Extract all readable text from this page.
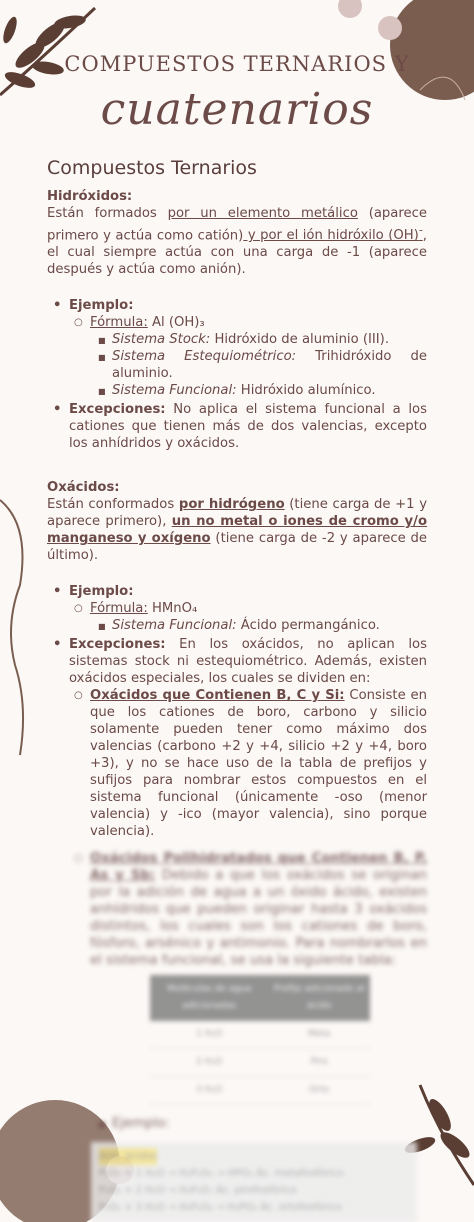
COMPUESTOS TERNARIOS Y
cuatenarios
Compuestos Ternarios
Hidróxidos:

Están formados por un elemento metálico (aparece primero y actúa como catión) y por el ión hidróxilo (OH)-, el cual siempre actúa con una carga de -1 (aparece después y actúa como anión).

• Ejemplo:
○ Fórmula: Al (OH)₃
■ Sistema Stock: Hidróxido de aluminio (III).
■ Sistema Estequiométrico: Trihidróxido de aluminio.
■ Sistema Funcional: Hidróxido alumínico.
• Excepciones: No aplica el sistema funcional a los cationes que tienen más de dos valencias, excepto los anhídridos y oxácidos.
Oxácidos:

Están conformados por hidrógeno (tiene carga de +1 y aparece primero), un no metal o iones de cromo y/o manganeso y oxígeno (tiene carga de -2 y aparece de último).

• Ejemplo:
○ Fórmula: HMnO₄
■ Sistema Funcional: Ácido permangánico.
• Excepciones: En los oxácidos, no aplican los sistemas stock ni estequiométrico. Además, existen oxácidos especiales, los cuales se dividen en:
○ Oxácidos que Contienen B, C y Si: Consiste en que los cationes de boro, carbono y silicio solamente pueden tener como máximo dos valencias (carbono +2 y +4, silicio +2 y +4, boro +3), y no se hace uso de la tabla de prefijos y sufijos para nombrar estos compuestos en el sistema funcional (únicamente -oso (menor valencia) y -ico (mayor valencia), sino porque valencia).
○ Oxácidos Polihidratados que Contienen B, P, As y Sb: Debido a que los oxácidos se originan por la adición de agua a un óxido ácido, existen anhídridos que pueden originar hasta 3 oxácidos distintos, los cuales son los cationes de boro, fósforo, arsénico y antimonio. Para nombrarlos en el sistema funcional, se usa la siguiente tabla:
Moléculas de agua adicionadas	Prefijo adicionado al ácido
1 H₂O	Meta
2 H₂O	Piro
3 H₂O	Orto
■ Ejemplo:
Anh. ácidos
P₂O₅ + 1 H₂O → H₂P₂O₆ → HPO₃ Ác. metafosfórico
P₂O₅ + 2 H₂O → H₄P₂O₇ Ác. pirofosfórico
P₂O₅ + 3 H₂O → H₆P₂O₈ → H₃PO₄ Ác. ortofosfórico
